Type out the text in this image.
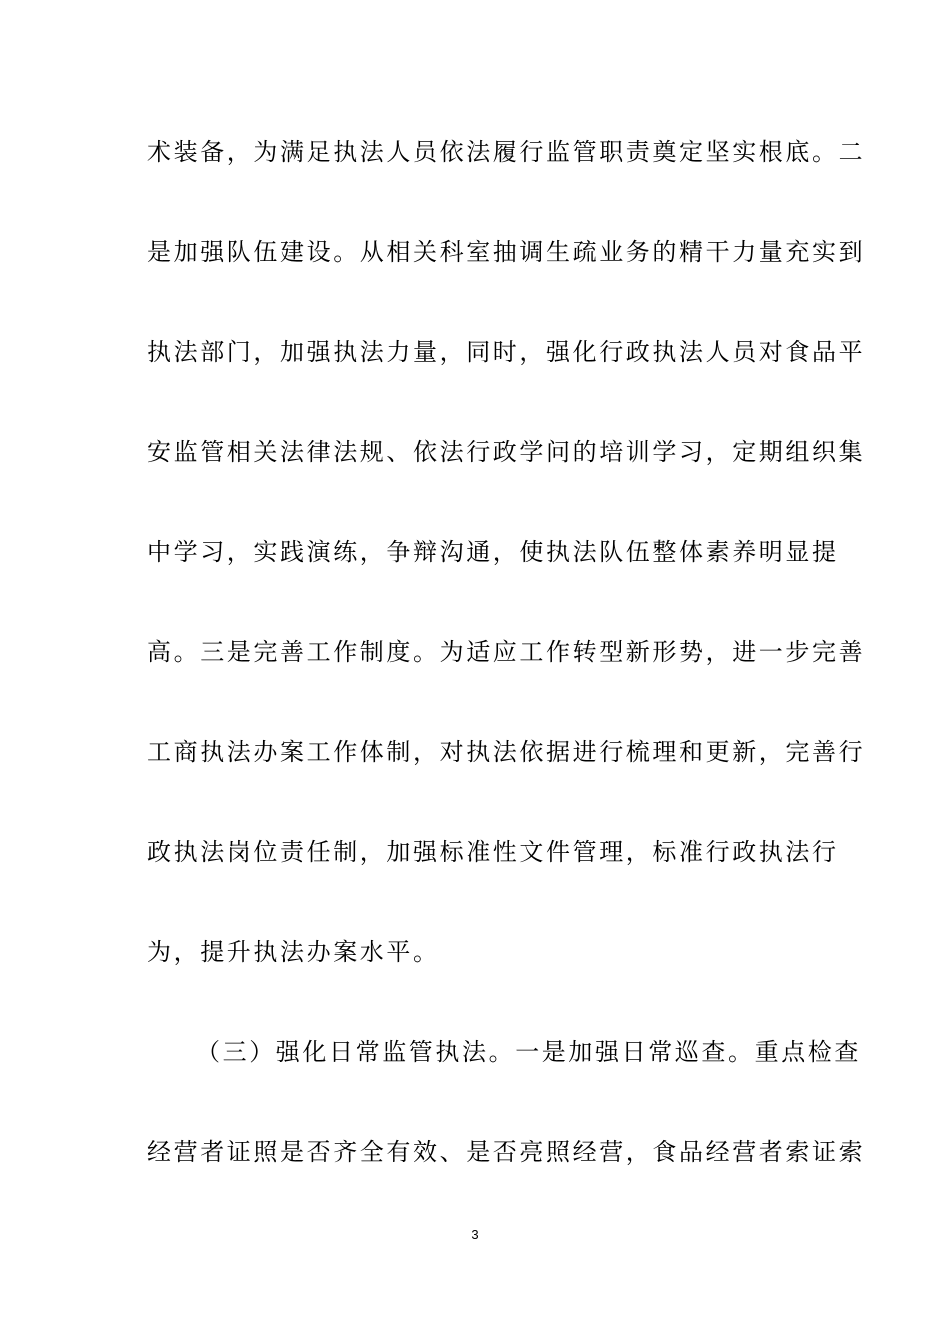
术装备，为满足执法人员依法履行监管职责奠定坚实根底。二
是加强队伍建设。从相关科室抽调生疏业务的精干力量充实到
执法部门，加强执法力量，同时，强化行政执法人员对食品平
安监管相关法律法规、依法行政学问的培训学习，定期组织集
中学习，实践演练，争辩沟通，使执法队伍整体素养明显提
高。三是完善工作制度。为适应工作转型新形势，进一步完善
工商执法办案工作体制，对执法依据进行梳理和更新，完善行
政执法岗位责任制，加强标准性文件管理，标准行政执法行
为，提升执法办案水平。
（三）强化日常监管执法。一是加强日常巡查。重点检查
经营者证照是否齐全有效、是否亮照经营，食品经营者索证索
3
